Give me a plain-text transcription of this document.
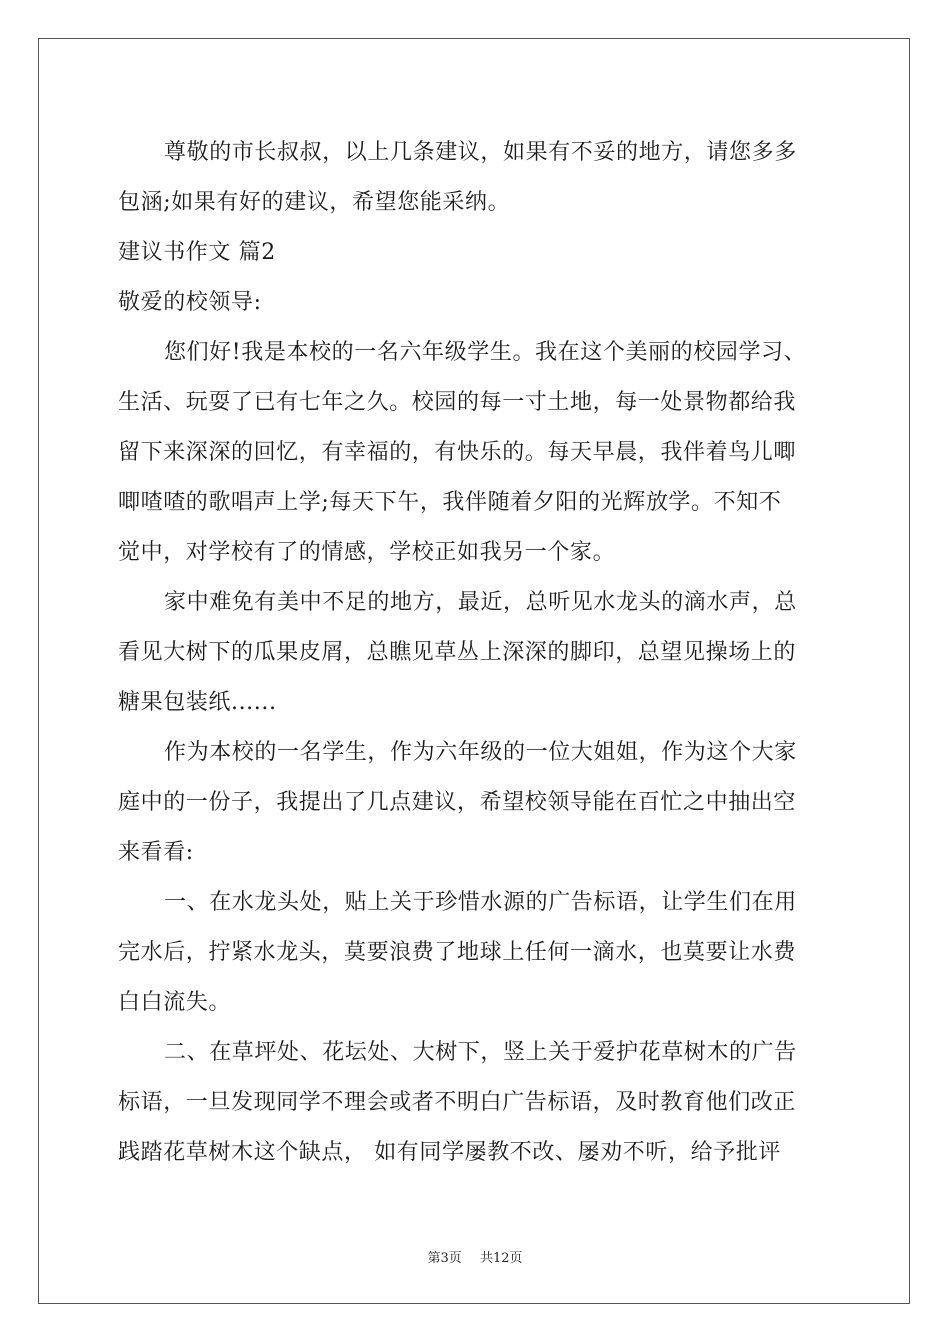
尊敬的市长叔叔，以上几条建议，如果有不妥的地方，请您多多
包涵;如果有好的建议，希望您能采纳。
建议书作文 篇2
敬爱的校领导:
您们好!我是本校的一名六年级学生。我在这个美丽的校园学习、
生活、玩耍了已有七年之久。校园的每一寸土地，每一处景物都给我
留下来深深的回忆，有幸福的，有快乐的。每天早晨，我伴着鸟儿唧
唧喳喳的歌唱声上学;每天下午，我伴随着夕阳的光辉放学。不知不
觉中，对学校有了的情感，学校正如我另一个家。
家中难免有美中不足的地方，最近，总听见水龙头的滴水声，总
看见大树下的瓜果皮屑，总瞧见草丛上深深的脚印，总望见操场上的
糖果包装纸......
作为本校的一名学生，作为六年级的一位大姐姐，作为这个大家
庭中的一份子，我提出了几点建议，希望校领导能在百忙之中抽出空
来看看:
一、在水龙头处，贴上关于珍惜水源的广告标语，让学生们在用
完水后，拧紧水龙头，莫要浪费了地球上任何一滴水，也莫要让水费
白白流失。
二、在草坪处、花坛处、大树下，竖上关于爱护花草树木的广告
标语，一旦发现同学不理会或者不明白广告标语，及时教育他们改正
践踏花草树木这个缺点， 如有同学屡教不改、屡劝不听，给予批评
第3页 共12页
